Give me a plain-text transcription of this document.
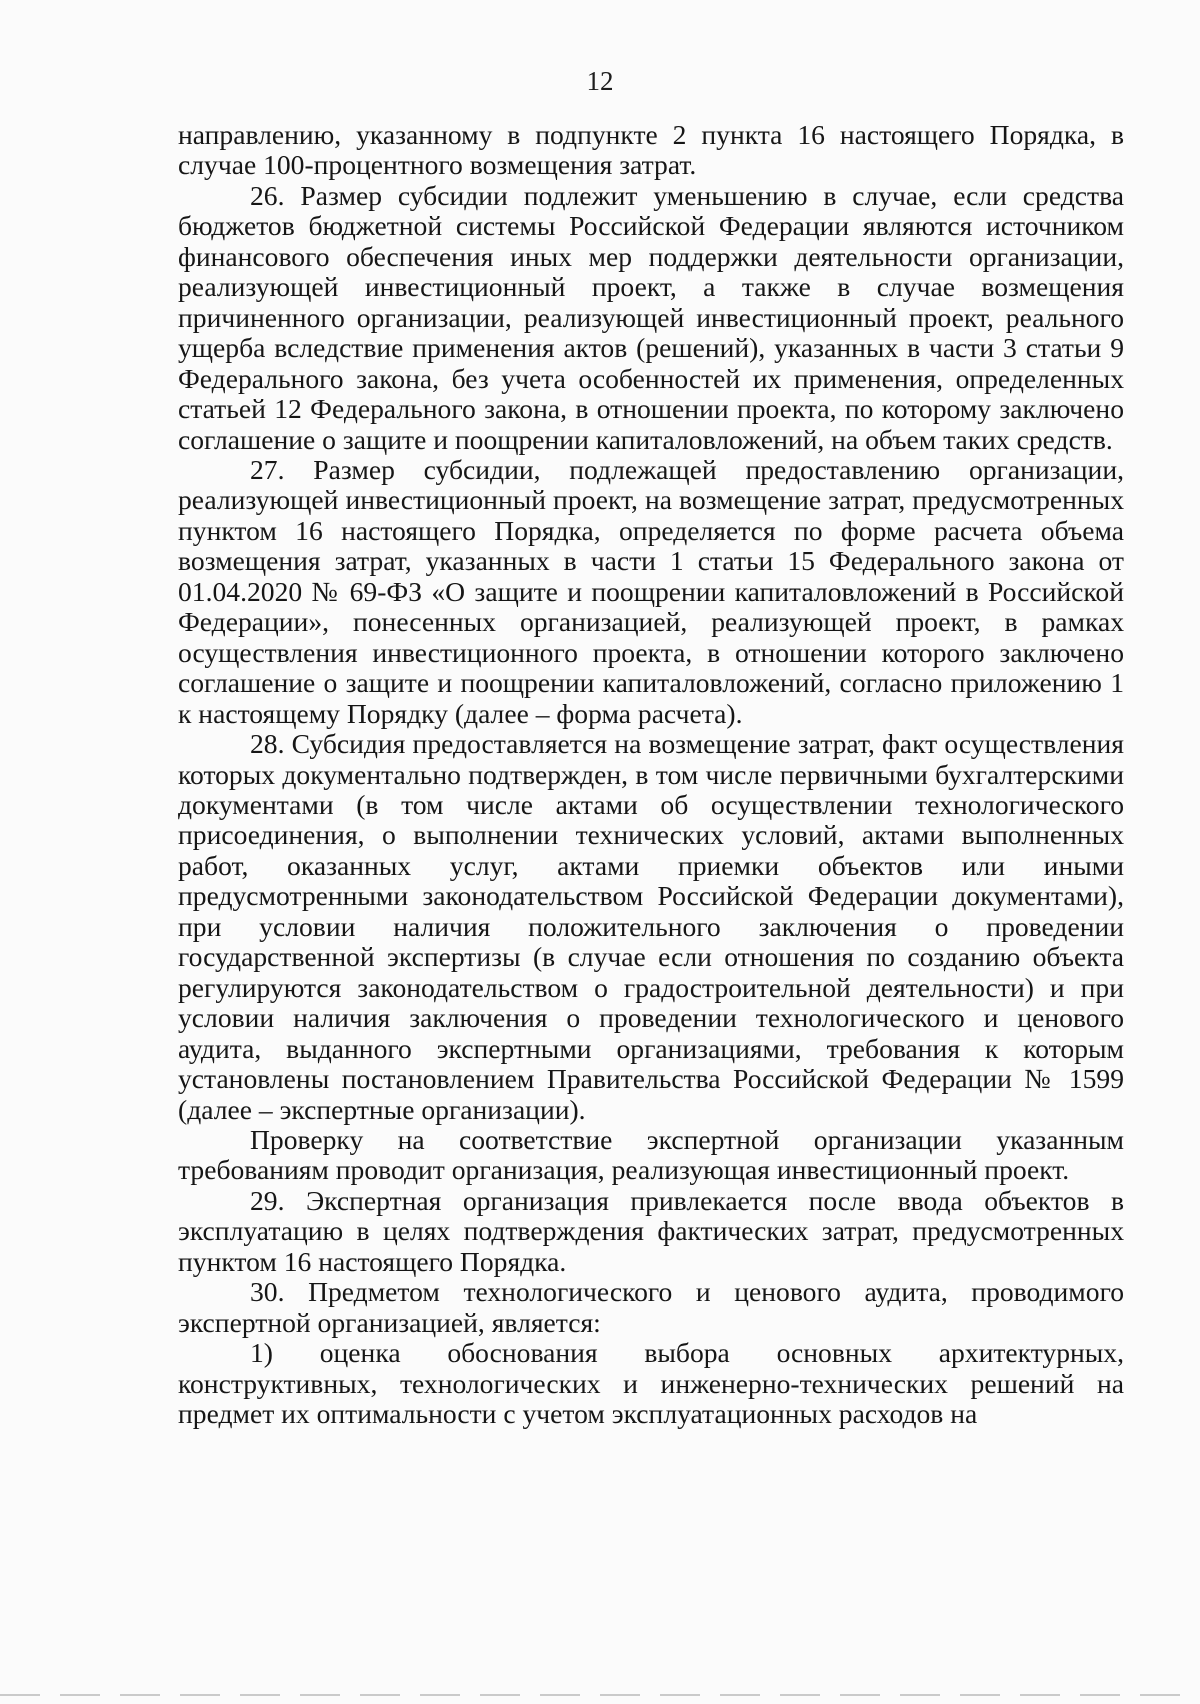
12

направлению, указанному в подпункте 2 пункта 16 настоящего Порядка, в случае 100-процентного возмещения затрат.

26. Размер субсидии подлежит уменьшению в случае, если средства бюджетов бюджетной системы Российской Федерации являются источником финансового обеспечения иных мер поддержки деятельности организации, реализующей инвестиционный проект, а также в случае возмещения причиненного организации, реализующей инвестиционный проект, реального ущерба вследствие применения актов (решений), указанных в части 3 статьи 9 Федерального закона, без учета особенностей их применения, определенных статьей 12 Федерального закона, в отношении проекта, по которому заключено соглашение о защите и поощрении капиталовложений, на объем таких средств.

27. Размер субсидии, подлежащей предоставлению организации, реализующей инвестиционный проект, на возмещение затрат, предусмотренных пунктом 16 настоящего Порядка, определяется по форме расчета объема возмещения затрат, указанных в части 1 статьи 15 Федерального закона от 01.04.2020 № 69-ФЗ «О защите и поощрении капиталовложений в Российской Федерации», понесенных организацией, реализующей проект, в рамках осуществления инвестиционного проекта, в отношении которого заключено соглашение о защите и поощрении капиталовложений, согласно приложению 1 к настоящему Порядку (далее – форма расчета).

28. Субсидия предоставляется на возмещение затрат, факт осуществления которых документально подтвержден, в том числе первичными бухгалтерскими документами (в том числе актами об осуществлении технологического присоединения, о выполнении технических условий, актами выполненных работ, оказанных услуг, актами приемки объектов или иными предусмотренными законодательством Российской Федерации документами), при условии наличия положительного заключения о проведении государственной экспертизы (в случае если отношения по созданию объекта регулируются законодательством о градостроительной деятельности) и при условии наличия заключения о проведении технологического и ценового аудита, выданного экспертными организациями, требования к которым установлены постановлением Правительства Российской Федерации № 1599 (далее – экспертные организации).

Проверку на соответствие экспертной организации указанным требованиям проводит организация, реализующая инвестиционный проект.

29. Экспертная организация привлекается после ввода объектов в эксплуатацию в целях подтверждения фактических затрат, предусмотренных пунктом 16 настоящего Порядка.

30. Предметом технологического и ценового аудита, проводимого экспертной организацией, является:

1) оценка обоснования выбора основных архитектурных, конструктивных, технологических и инженерно-технических решений на предмет их оптимальности с учетом эксплуатационных расходов на
